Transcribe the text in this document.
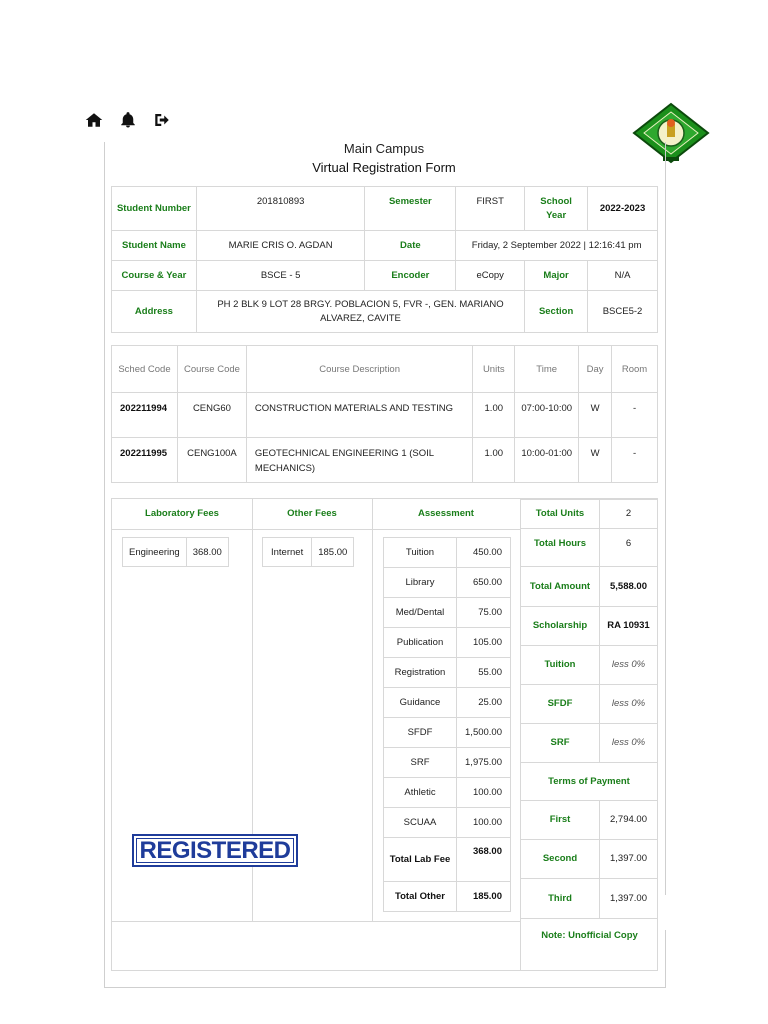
Main Campus
Virtual Registration Form
Student Number	201810893	Semester	FIRST	School Year	2022-2023
Student Name	MARIE CRIS O. AGDAN	Date	Friday, 2 September 2022 | 12:16:41 pm		
Course & Year	BSCE - 5	Encoder	eCopy	Major	N/A
Address	PH 2 BLK 9 LOT 28 BRGY. POBLACION 5, FVR -, GEN. MARIANO ALVAREZ, CAVITE			Section	BSCE5-2
Sched Code	Course Code	Course Description	Units	Time	Day	Room
202211994	CENG60	CONSTRUCTION MATERIALS AND TESTING	1.00	07:00-10:00	W	-
202211995	CENG100A	GEOTECHNICAL ENGINEERING 1 (SOIL MECHANICS)	1.00	10:00-01:00	W	-
Laboratory Fees	Other Fees	Assessment
Engineering	368.00	Internet	185.00	Tuition	450.00
Library	650.00
Med/Dental	75.00
Publication	105.00
Registration	55.00
Guidance	25.00
SFDF	1,500.00
SRF	1,975.00
Athletic	100.00
SCUAA	100.00
Total Lab Fee	368.00
Total Other	185.00
Total Units	2
Total Hours	6
Total Amount	5,588.00
Scholarship	RA 10931
Tuition	less 0%
SFDF	less 0%
SRF	less 0%
Terms of Payment	
First	2,794.00
Second	1,397.00
Third	1,397.00
Note: Unofficial Copy
REGISTERED
